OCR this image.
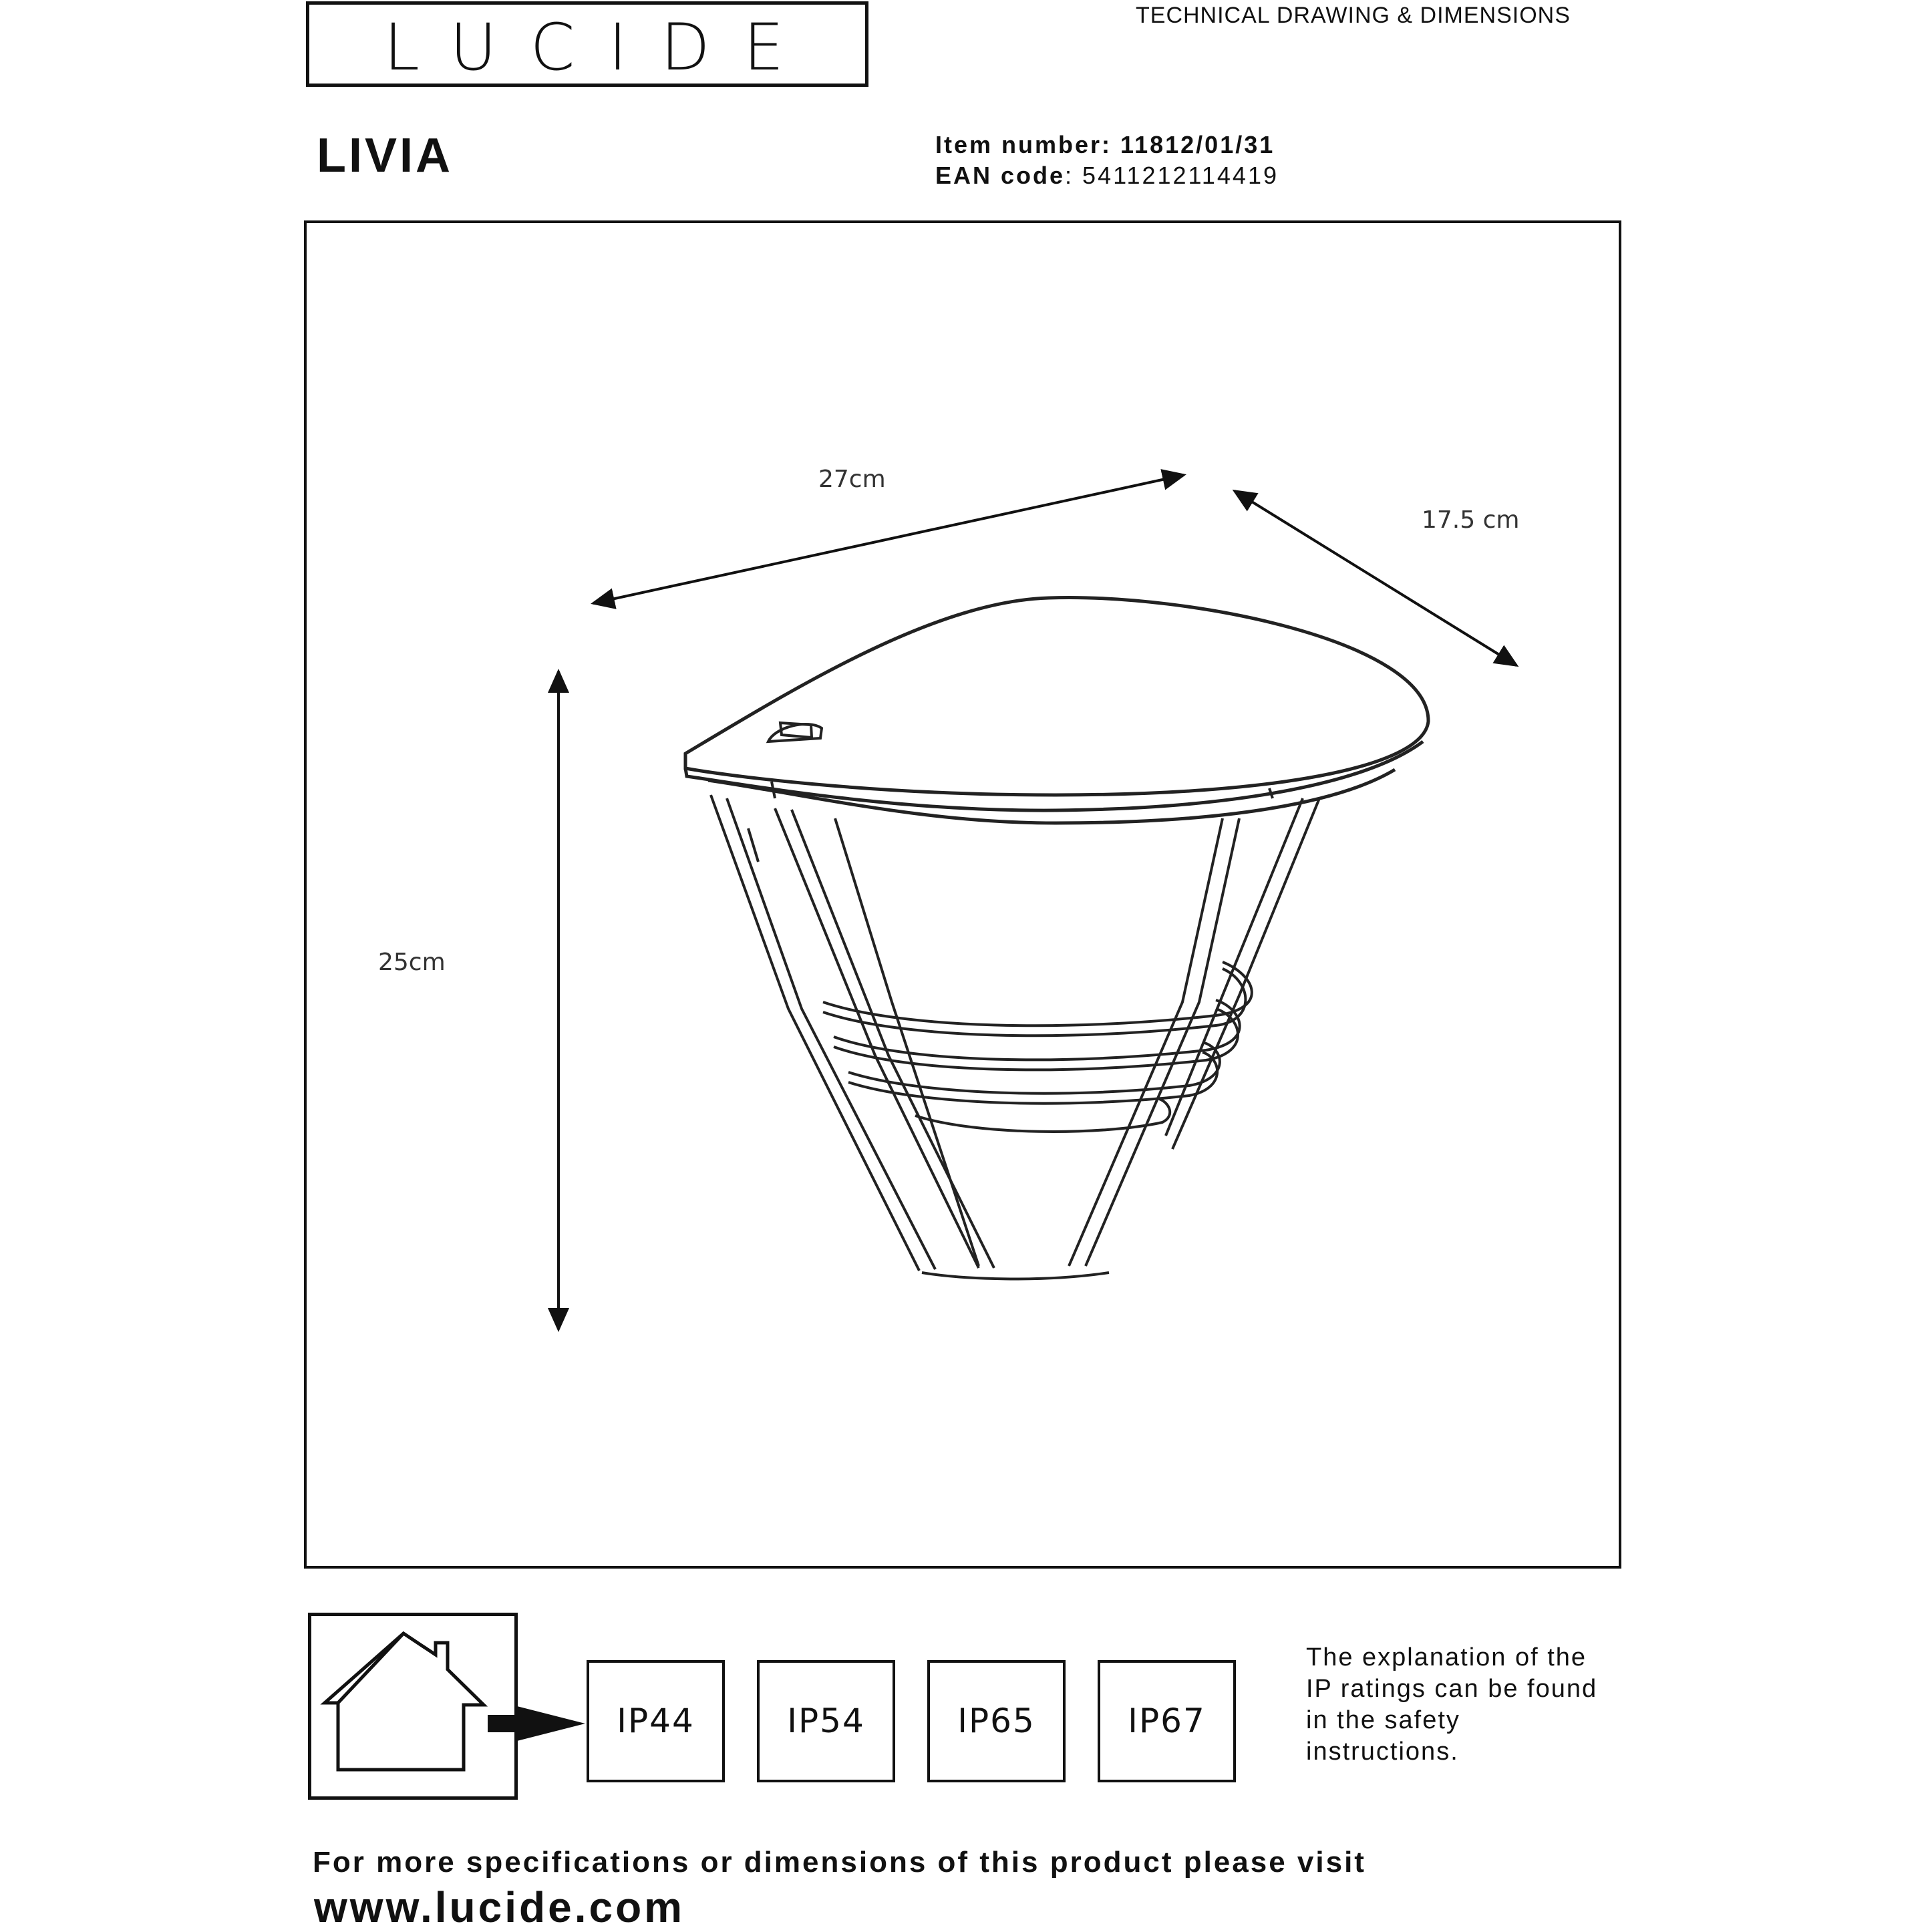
LUCIDE	TECHNICAL DRAWING & DIMENSIONS
LIVIA	Item number: 11812/01/31
EAN code: 5411212114419
27cm
17.5 cm
25cm
IP44	IP54	IP65	IP67
The explanation of the IP ratings can be found in the safety instructions.
For more specifications or dimensions of this product please visit
www.lucide.com
